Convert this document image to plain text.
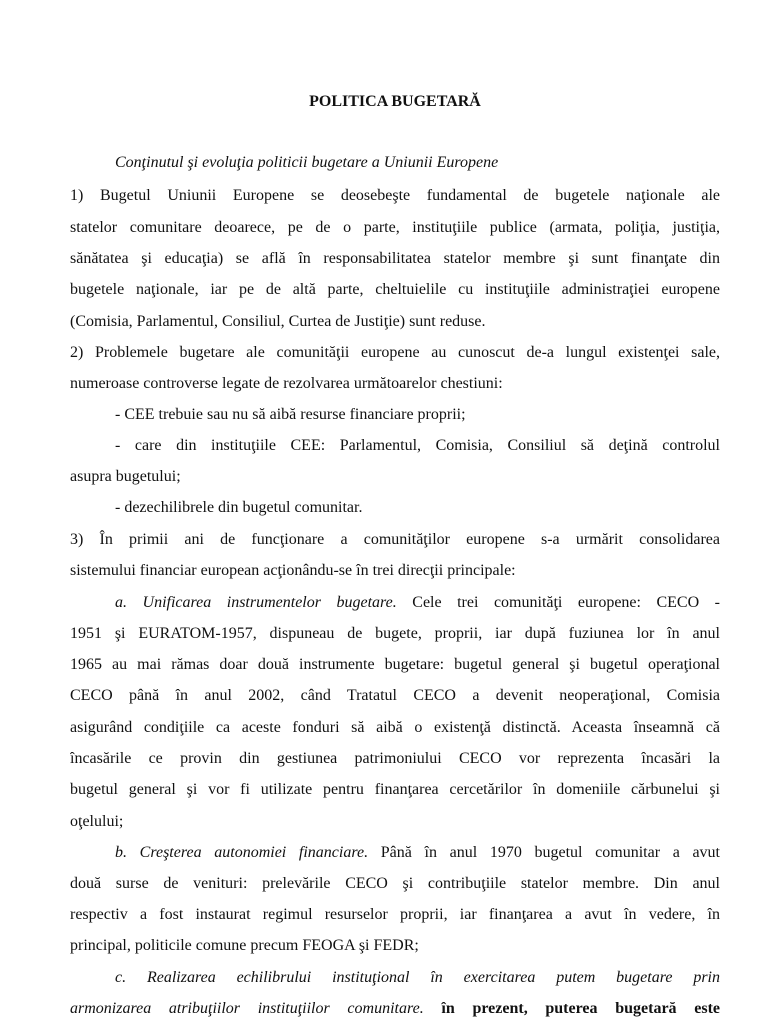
POLITICA BUGETARĂ
Conţinutul şi evoluţia politicii bugetare a Uniunii Europene
1) Bugetul Uniunii Europene se deosebeşte fundamental de bugetele naţionale ale
statelor comunitare deoarece, pe de o parte, instituţiile publice (armata, poliţia, justiţia,
sănătatea şi educaţia) se află în responsabilitatea statelor membre şi sunt finanţate din
bugetele naţionale, iar pe de altă parte, cheltuielile cu instituţiile administraţiei europene
(Comisia, Parlamentul, Consiliul, Curtea de Justiţie) sunt reduse.
2) Problemele bugetare ale comunităţii europene au cunoscut de-a lungul existenţei sale,
numeroase controverse legate de rezolvarea următoarelor chestiuni:
- CEE trebuie sau nu să aibă resurse financiare proprii;
- care din instituţiile CEE: Parlamentul, Comisia, Consiliul să deţină controlul
asupra bugetului;
- dezechilibrele din bugetul comunitar.
3) În primii ani de funcţionare a comunităţilor europene s-a urmărit consolidarea
sistemului financiar european acţionându-se în trei direcţii principale:
a. Unificarea instrumentelor bugetare. Cele trei comunităţi europene: CECO -
1951 şi EURATOM-1957, dispuneau de bugete, proprii, iar după fuziunea lor în anul
1965 au mai rămas doar două instrumente bugetare: bugetul general şi bugetul operaţional
CECO până în anul 2002, când Tratatul CECO a devenit neoperaţional, Comisia
asigurând condiţiile ca aceste fonduri să aibă o existenţă distinctă. Aceasta înseamnă că
încasările ce provin din gestiunea patrimoniului CECO vor reprezenta încasări la
bugetul general şi vor fi utilizate pentru finanţarea cercetărilor în domeniile cărbunelui şi
oţelului;
b. Creşterea autonomiei financiare. Până în anul 1970 bugetul comunitar a avut
două surse de venituri: prelevările CECO şi contribuţiile statelor membre. Din anul
respectiv a fost instaurat regimul resurselor proprii, iar finanţarea a avut în vedere, în
principal, politicile comune precum FEOGA şi FEDR;
c. Realizarea echilibrului instituţional în exercitarea putem bugetare prin
armonizarea atribuţiilor instituţiilor comunitare. în prezent, puterea bugetară este
